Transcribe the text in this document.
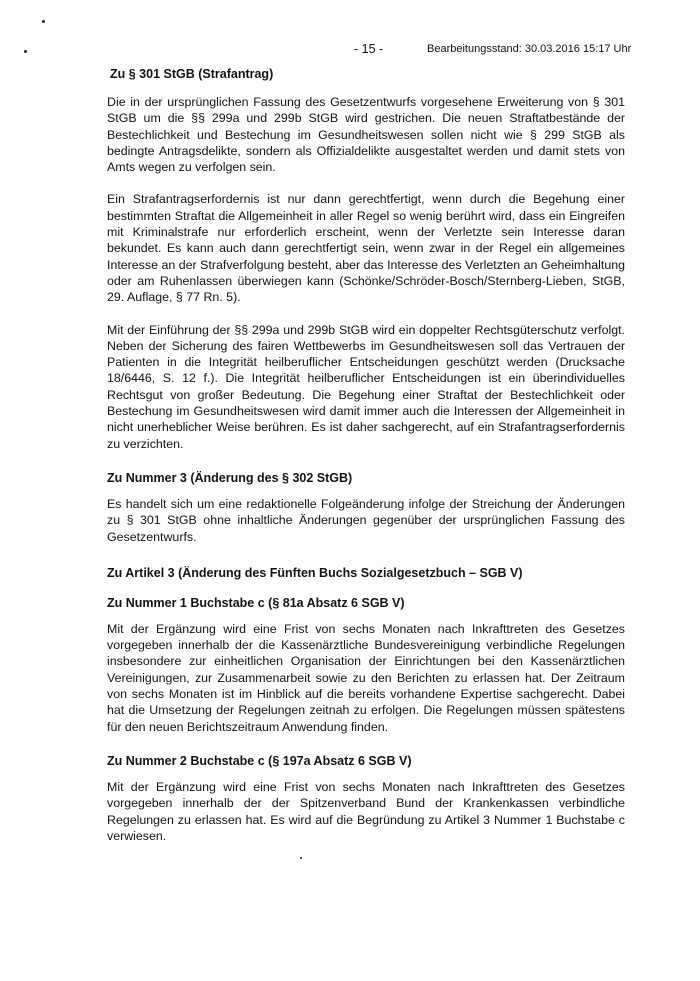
- 15 -	Bearbeitungsstand: 30.03.2016 15:17 Uhr
Zu § 301 StGB (Strafantrag)

Die in der ursprünglichen Fassung des Gesetzentwurfs vorgesehene Erweiterung von § 301 StGB um die §§ 299a und 299b StGB wird gestrichen. Die neuen Straftatbestände der Bestechlichkeit und Bestechung im Gesundheitswesen sollen nicht wie § 299 StGB als bedingte Antragsdelikte, sondern als Offizialdelikte ausgestaltet werden und damit stets von Amts wegen zu verfolgen sein.

Ein Strafantragserfordernis ist nur dann gerechtfertigt, wenn durch die Begehung einer bestimmten Straftat die Allgemeinheit in aller Regel so wenig berührt wird, dass ein Eingreifen mit Kriminalstrafe nur erforderlich erscheint, wenn der Verletzte sein Interesse daran bekundet. Es kann auch dann gerechtfertigt sein, wenn zwar in der Regel ein allgemeines Interesse an der Strafverfolgung besteht, aber das Interesse des Verletzten an Geheimhaltung oder am Ruhenlassen überwiegen kann (Schönke/Schröder-Bosch/Sternberg-Lieben, StGB, 29. Auflage, § 77 Rn. 5).

Mit der Einführung der §§ 299a und 299b StGB wird ein doppelter Rechtsgüterschutz verfolgt. Neben der Sicherung des fairen Wettbewerbs im Gesundheitswesen soll das Vertrauen der Patienten in die Integrität heilberuflicher Entscheidungen geschützt werden (Drucksache 18/6446, S. 12 f.). Die Integrität heilberuflicher Entscheidungen ist ein überindividuelles Rechtsgut von großer Bedeutung. Die Begehung einer Straftat der Bestechlichkeit oder Bestechung im Gesundheitswesen wird damit immer auch die Interessen der Allgemeinheit in nicht unerheblicher Weise berühren. Es ist daher sachgerecht, auf ein Strafantragserfordernis zu verzichten.

Zu Nummer 3 (Änderung des § 302 StGB)

Es handelt sich um eine redaktionelle Folgeänderung infolge der Streichung der Änderungen zu § 301 StGB ohne inhaltliche Änderungen gegenüber der ursprünglichen Fassung des Gesetzentwurfs.

Zu Artikel 3 (Änderung des Fünften Buchs Sozialgesetzbuch – SGB V)
Zu Nummer 1 Buchstabe c (§ 81a Absatz 6 SGB V)

Mit der Ergänzung wird eine Frist von sechs Monaten nach Inkrafttreten des Gesetzes vorgegeben innerhalb der die Kassenärztliche Bundesvereinigung verbindliche Regelungen insbesondere zur einheitlichen Organisation der Einrichtungen bei den Kassenärztlichen Vereinigungen, zur Zusammenarbeit sowie zu den Berichten zu erlassen hat. Der Zeitraum von sechs Monaten ist im Hinblick auf die bereits vorhandene Expertise sachgerecht. Dabei hat die Umsetzung der Regelungen zeitnah zu erfolgen. Die Regelungen müssen spätestens für den neuen Berichtszeitraum Anwendung finden.

Zu Nummer 2 Buchstabe c (§ 197a Absatz 6 SGB V)

Mit der Ergänzung wird eine Frist von sechs Monaten nach Inkrafttreten des Gesetzes vorgegeben innerhalb der der Spitzenverband Bund der Krankenkassen verbindliche Regelungen zu erlassen hat. Es wird auf die Begründung zu Artikel 3 Nummer 1 Buchstabe c verwiesen.
